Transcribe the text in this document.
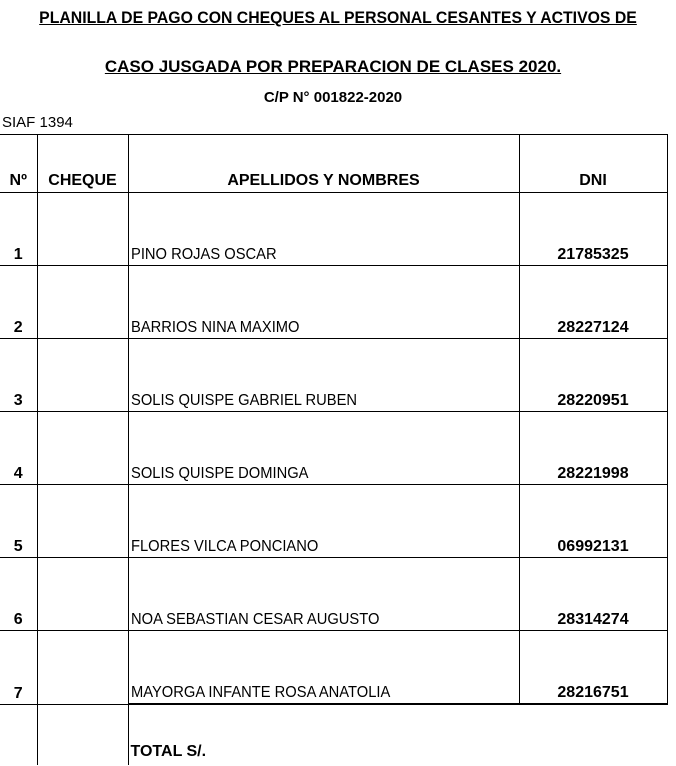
PLANILLA DE PAGO CON CHEQUES AL PERSONAL CESANTES Y ACTIVOS DE
CASO JUSGADA POR PREPARACION DE CLASES 2020.
C/P N° 001822-2020
SIAF 1394
Nº	CHEQUE	APELLIDOS Y NOMBRES	DNI
1		PINO ROJAS OSCAR	21785325
2		BARRIOS NINA MAXIMO	28227124
3		SOLIS QUISPE GABRIEL RUBEN	28220951
4		SOLIS QUISPE DOMINGA	28221998
5		FLORES VILCA PONCIANO	06992131
6		NOA SEBASTIAN CESAR AUGUSTO	28314274
7		MAYORGA INFANTE ROSA ANATOLIA	28216751
		TOTAL S/.	
